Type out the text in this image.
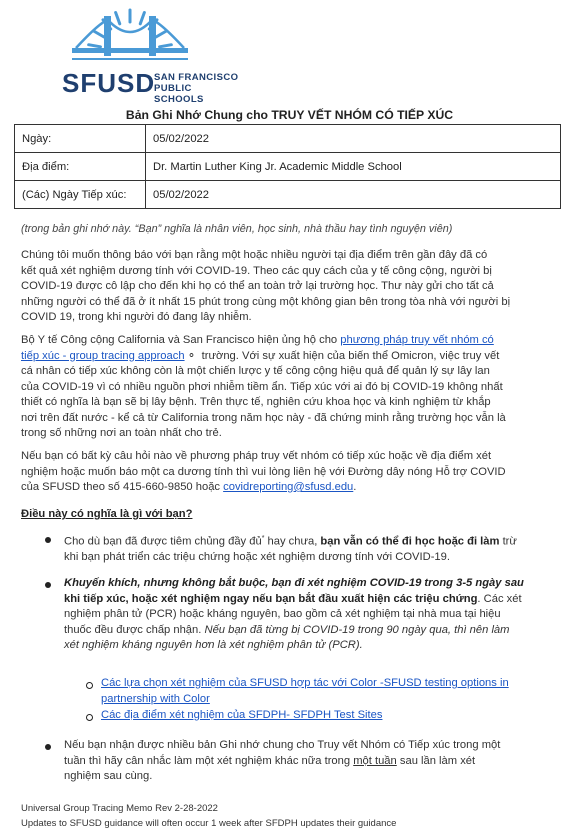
SFUSD
SAN FRANCISCO
PUBLIC SCHOOLS
Bản Ghi Nhớ Chung cho TRUY VẾT NHÓM CÓ TIẾP XÚC
Ngày:	05/02/2022
Địa điểm:	Dr. Martin Luther King Jr. Academic Middle School
(Các) Ngày Tiếp xúc:	05/02/2022
(trong bản ghi nhớ này. “Bạn” nghĩa là nhân viên, học sinh, nhà thầu hay tình nguyện viên)
Chúng tôi muốn thông báo với bạn rằng một hoặc nhiều người tại địa điểm trên gần đây đã có
kết quả xét nghiệm dương tính với COVID-19. Theo các quy cách của y tế công cộng, người bị
COVID-19 được cô lập cho đến khi họ có thể an toàn trở lại trường học. Thư này gửi cho tất cả
những người có thể đã ở ít nhất 15 phút trong cùng một không gian bên trong tòa nhà với người bị
COVID 19, trong khi người đó đang lây nhiễm.
Bộ Y tế Công cộng California và San Francisco hiện ủng hộ cho phương pháp truy vết nhóm có
tiếp xúc - group tracing approach ⚬ trường. Với sự xuất hiện của biến thể Omicron, việc truy vết
cá nhân có tiếp xúc không còn là một chiến lược y tế công cộng hiệu quả để quản lý sự lây lan
của COVID-19 vì có nhiều nguồn phơi nhiễm tiềm ẩn. Tiếp xúc với ai đó bị COVID-19 không nhất
thiết có nghĩa là bạn sẽ bị lây bệnh. Trên thực tế, nghiên cứu khoa học và kinh nghiệm từ khắp
nơi trên đất nước - kể cả từ California trong năm học này - đã chứng minh rằng trường học vẫn là
trong số những nơi an toàn nhất cho trẻ.
Nếu bạn có bất kỳ câu hỏi nào về phương pháp truy vết nhóm có tiếp xúc hoặc về địa điểm xét
nghiệm hoặc muốn báo một ca dương tính thì vui lòng liên hệ với Đường dây nóng Hỗ trợ COVID
của SFUSD theo số 415-660-9850 hoặc covidreporting@sfusd.edu.
Điều này có nghĩa là gì với bạn?
Cho dù bạn đã được tiêm chủng đầy đủ* hay chưa, bạn vẫn có thể đi học hoặc đi làm trừ
khi bạn phát triển các triệu chứng hoặc xét nghiệm dương tính với COVID-19.
Khuyến khích, nhưng không bắt buộc, bạn đi xét nghiệm COVID-19 trong 3-5 ngày sau
khi tiếp xúc, hoặc xét nghiệm ngay nếu bạn bắt đầu xuất hiện các triệu chứng. Các xét
nghiệm phân tử (PCR) hoặc kháng nguyên, bao gồm cả xét nghiệm tại nhà mua tại hiệu
thuốc đều được chấp nhận. Nếu bạn đã từng bị COVID-19 trong 90 ngày qua, thì nên làm
xét nghiệm kháng nguyên hơn là xét nghiệm phân tử (PCR).
Các lựa chọn xét nghiệm của SFUSD hợp tác với Color -SFUSD testing options in
partnership with Color
Các địa điểm xét nghiệm của SFDPH- SFDPH Test Sites
Nếu bạn nhận được nhiều bản Ghi nhớ chung cho Truy vết Nhóm có Tiếp xúc trong một
tuần thì hãy cân nhắc làm một xét nghiệm khác nữa trong một tuần sau lần làm xét
nghiệm sau cùng.
Universal Group Tracing Memo Rev 2-28-2022
Updates to SFUSD guidance will often occur 1 week after SFDPH updates their guidance
